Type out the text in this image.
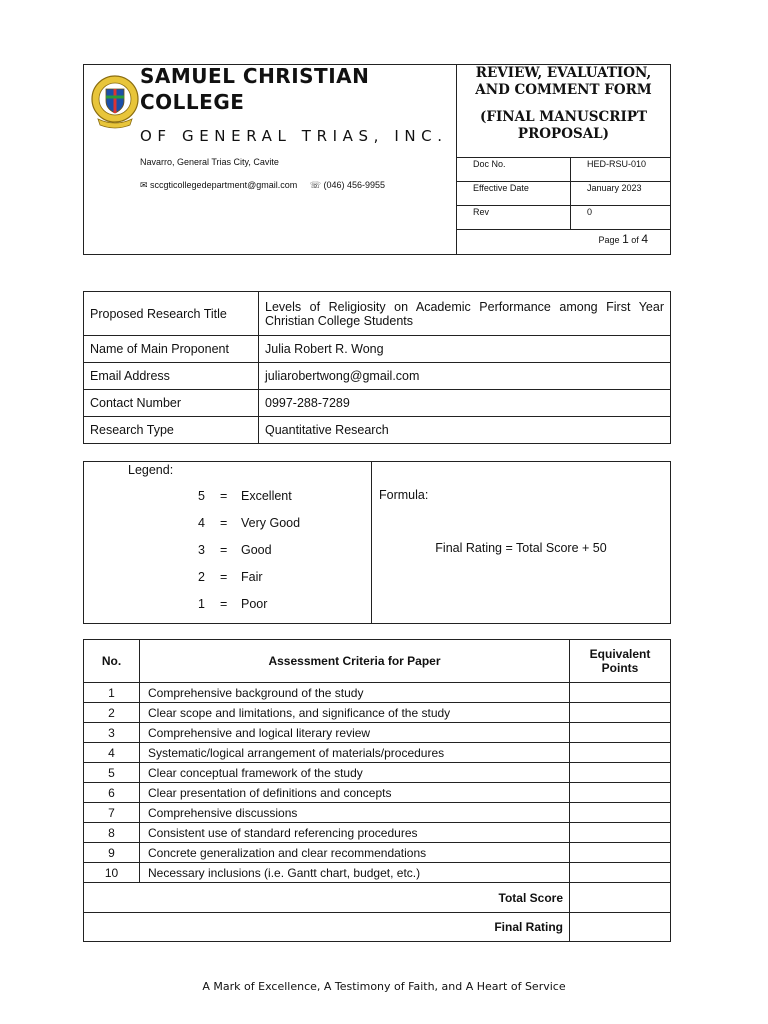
SAMUEL CHRISTIAN COLLEGE
OF GENERAL TRIAS, INC.
Navarro, General Trias City, Cavite
✉ sccgticollegedepartment@gmail.com ☏ (046) 456-9955
REVIEW, EVALUATION, AND COMMENT FORM
(FINAL MANUSCRIPT PROPOSAL)
Doc No.	HED-RSU-010
Effective Date	January 2023
Rev	0
Page 1 of 4
Proposed Research Title	Levels of Religiosity on Academic Performance among First Year Christian College Students
Name of Main Proponent	Julia Robert R. Wong
Email Address	juliarobertwong@gmail.com
Contact Number	0997-288-7289
Research Type	Quantitative Research
Legend:
5 = Excellent
4 = Very Good
3 = Good
2 = Fair
1 = Poor
Formula:
Final Rating = Total Score + 50
No.	Assessment Criteria for Paper	Equivalent Points
1	Comprehensive background of the study	
2	Clear scope and limitations, and significance of the study	
3	Comprehensive and logical literary review	
4	Systematic/logical arrangement of materials/procedures	
5	Clear conceptual framework of the study	
6	Clear presentation of definitions and concepts	
7	Comprehensive discussions	
8	Consistent use of standard referencing procedures	
9	Concrete generalization and clear recommendations	
10	Necessary inclusions (i.e. Gantt chart, budget, etc.)	
Total Score		
Final Rating		
A Mark of Excellence, A Testimony of Faith, and A Heart of Service
